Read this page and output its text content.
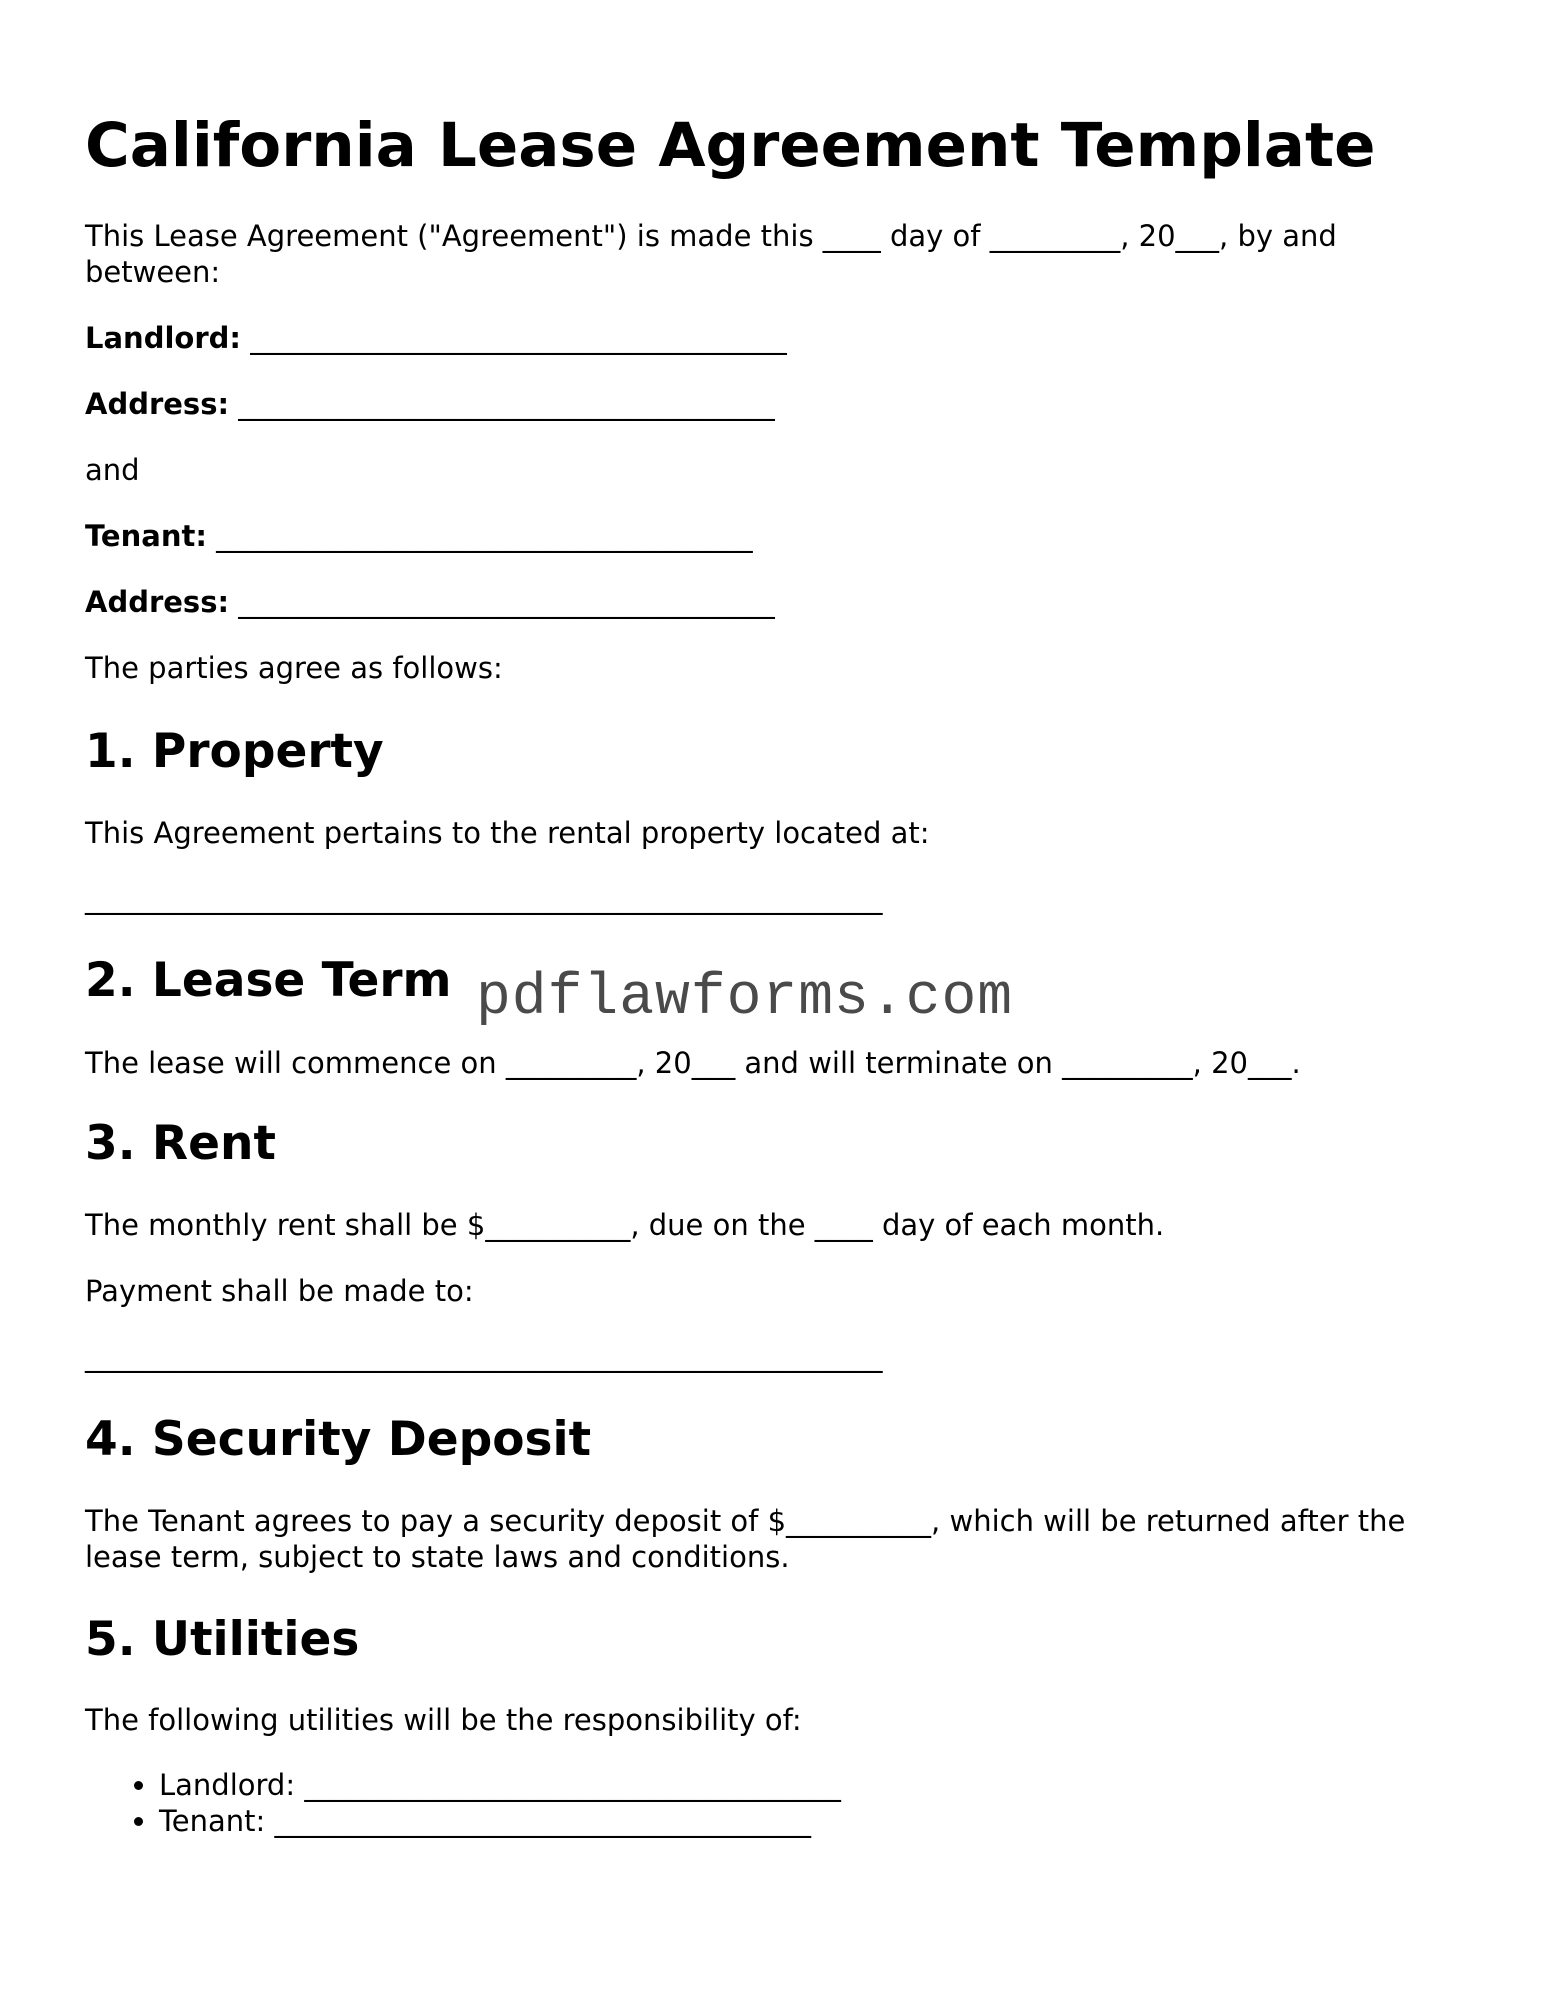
California Lease Agreement Template

This Lease Agreement ("Agreement") is made this ____ day of _________, 20___, by and between:

Landlord: _____________________________________

Address: _____________________________________

and

Tenant: _____________________________________

Address: _____________________________________

The parties agree as follows:

1. Property

This Agreement pertains to the rental property located at:

_______________________________________________________

2. Lease Term

The lease will commence on _________, 20___ and will terminate on _________, 20___.

3. Rent

The monthly rent shall be $__________, due on the ____ day of each month.

Payment shall be made to:

_______________________________________________________

4. Security Deposit

The Tenant agrees to pay a security deposit of $__________, which will be returned after the lease term, subject to state laws and conditions.

5. Utilities

The following utilities will be the responsibility of:

• Landlord: _____________________________________
• Tenant: _____________________________________
pdflawforms.com
